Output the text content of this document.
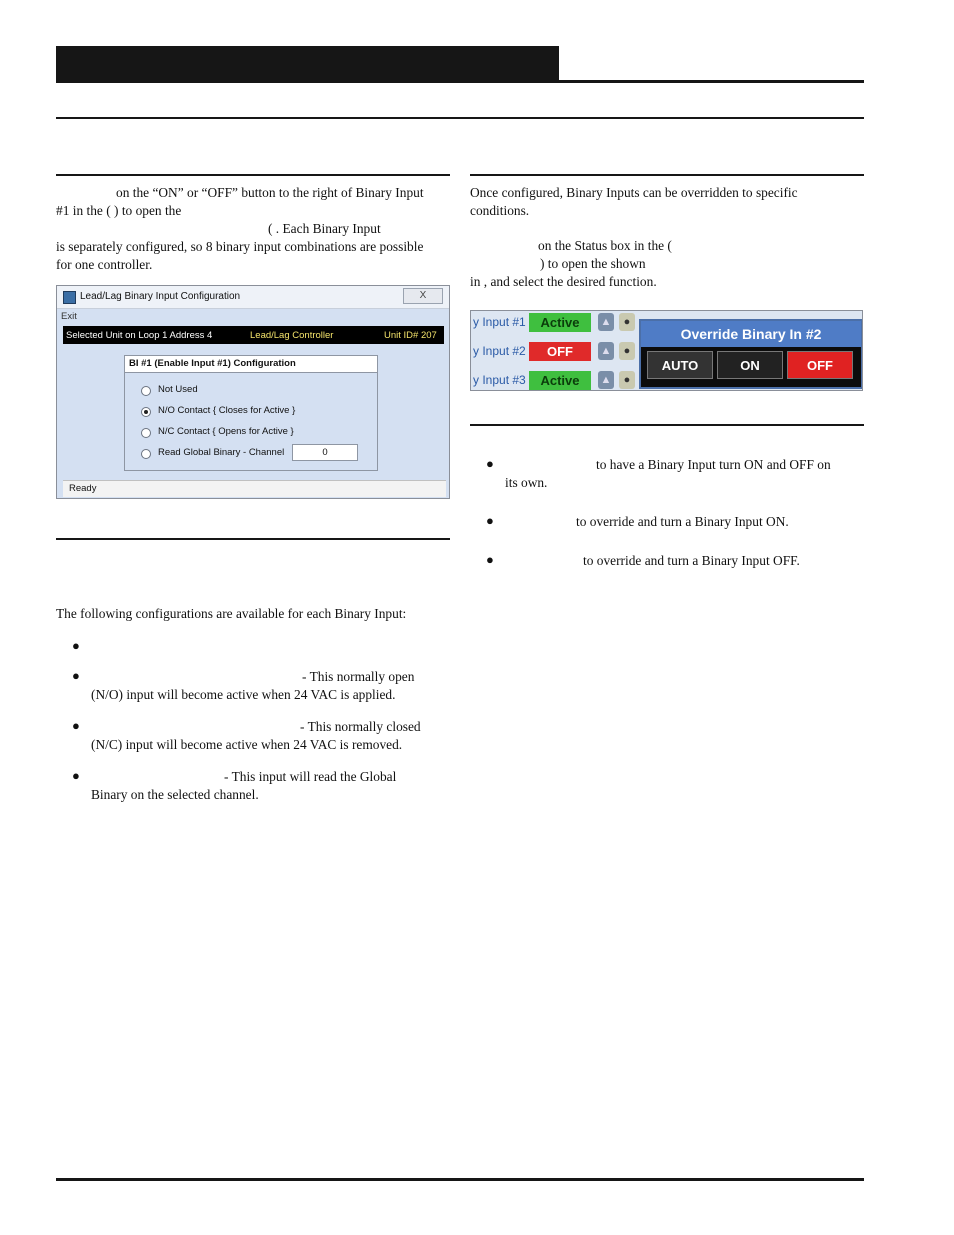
on the “ON” or “OFF” button to the right of Binary Input

#1 in the ( ) to open the

( . Each Binary Input

is separately configured, so 8 binary input combinations are possible

for one controller.

Lead/Lag Binary Input Configuration	X
Exit
Selected Unit on Loop 1 Address 4	Lead/Lag Controller	Unit ID# 207
BI #1 (Enable Input #1) Configuration
Not Used
N/O Contact { Closes for Active }
N/C Contact { Opens for Active }
Read Global Binary - Channel	0
Ready
The following configurations are available for each Binary Input:
●
●	- This normally open
(N/O) input will become active when 24 VAC is applied.
●	- This normally closed
(N/C) input will become active when 24 VAC is removed.
●	- This input will read the Global
Binary on the selected channel.

Once configured, Binary Inputs can be overridden to specific

conditions.

on the Status box in the (

) to open the shown

in , and select the desired function.

y Input #1	Active	▲	●
y Input #2	OFF	▲	●
y Input #3	Active	▲	●
Override Binary In #2
AUTO	ON	OFF
●	to have a Binary Input turn ON and OFF on
its own.
●	to override and turn a Binary Input ON.
●	to override and turn a Binary Input OFF.
